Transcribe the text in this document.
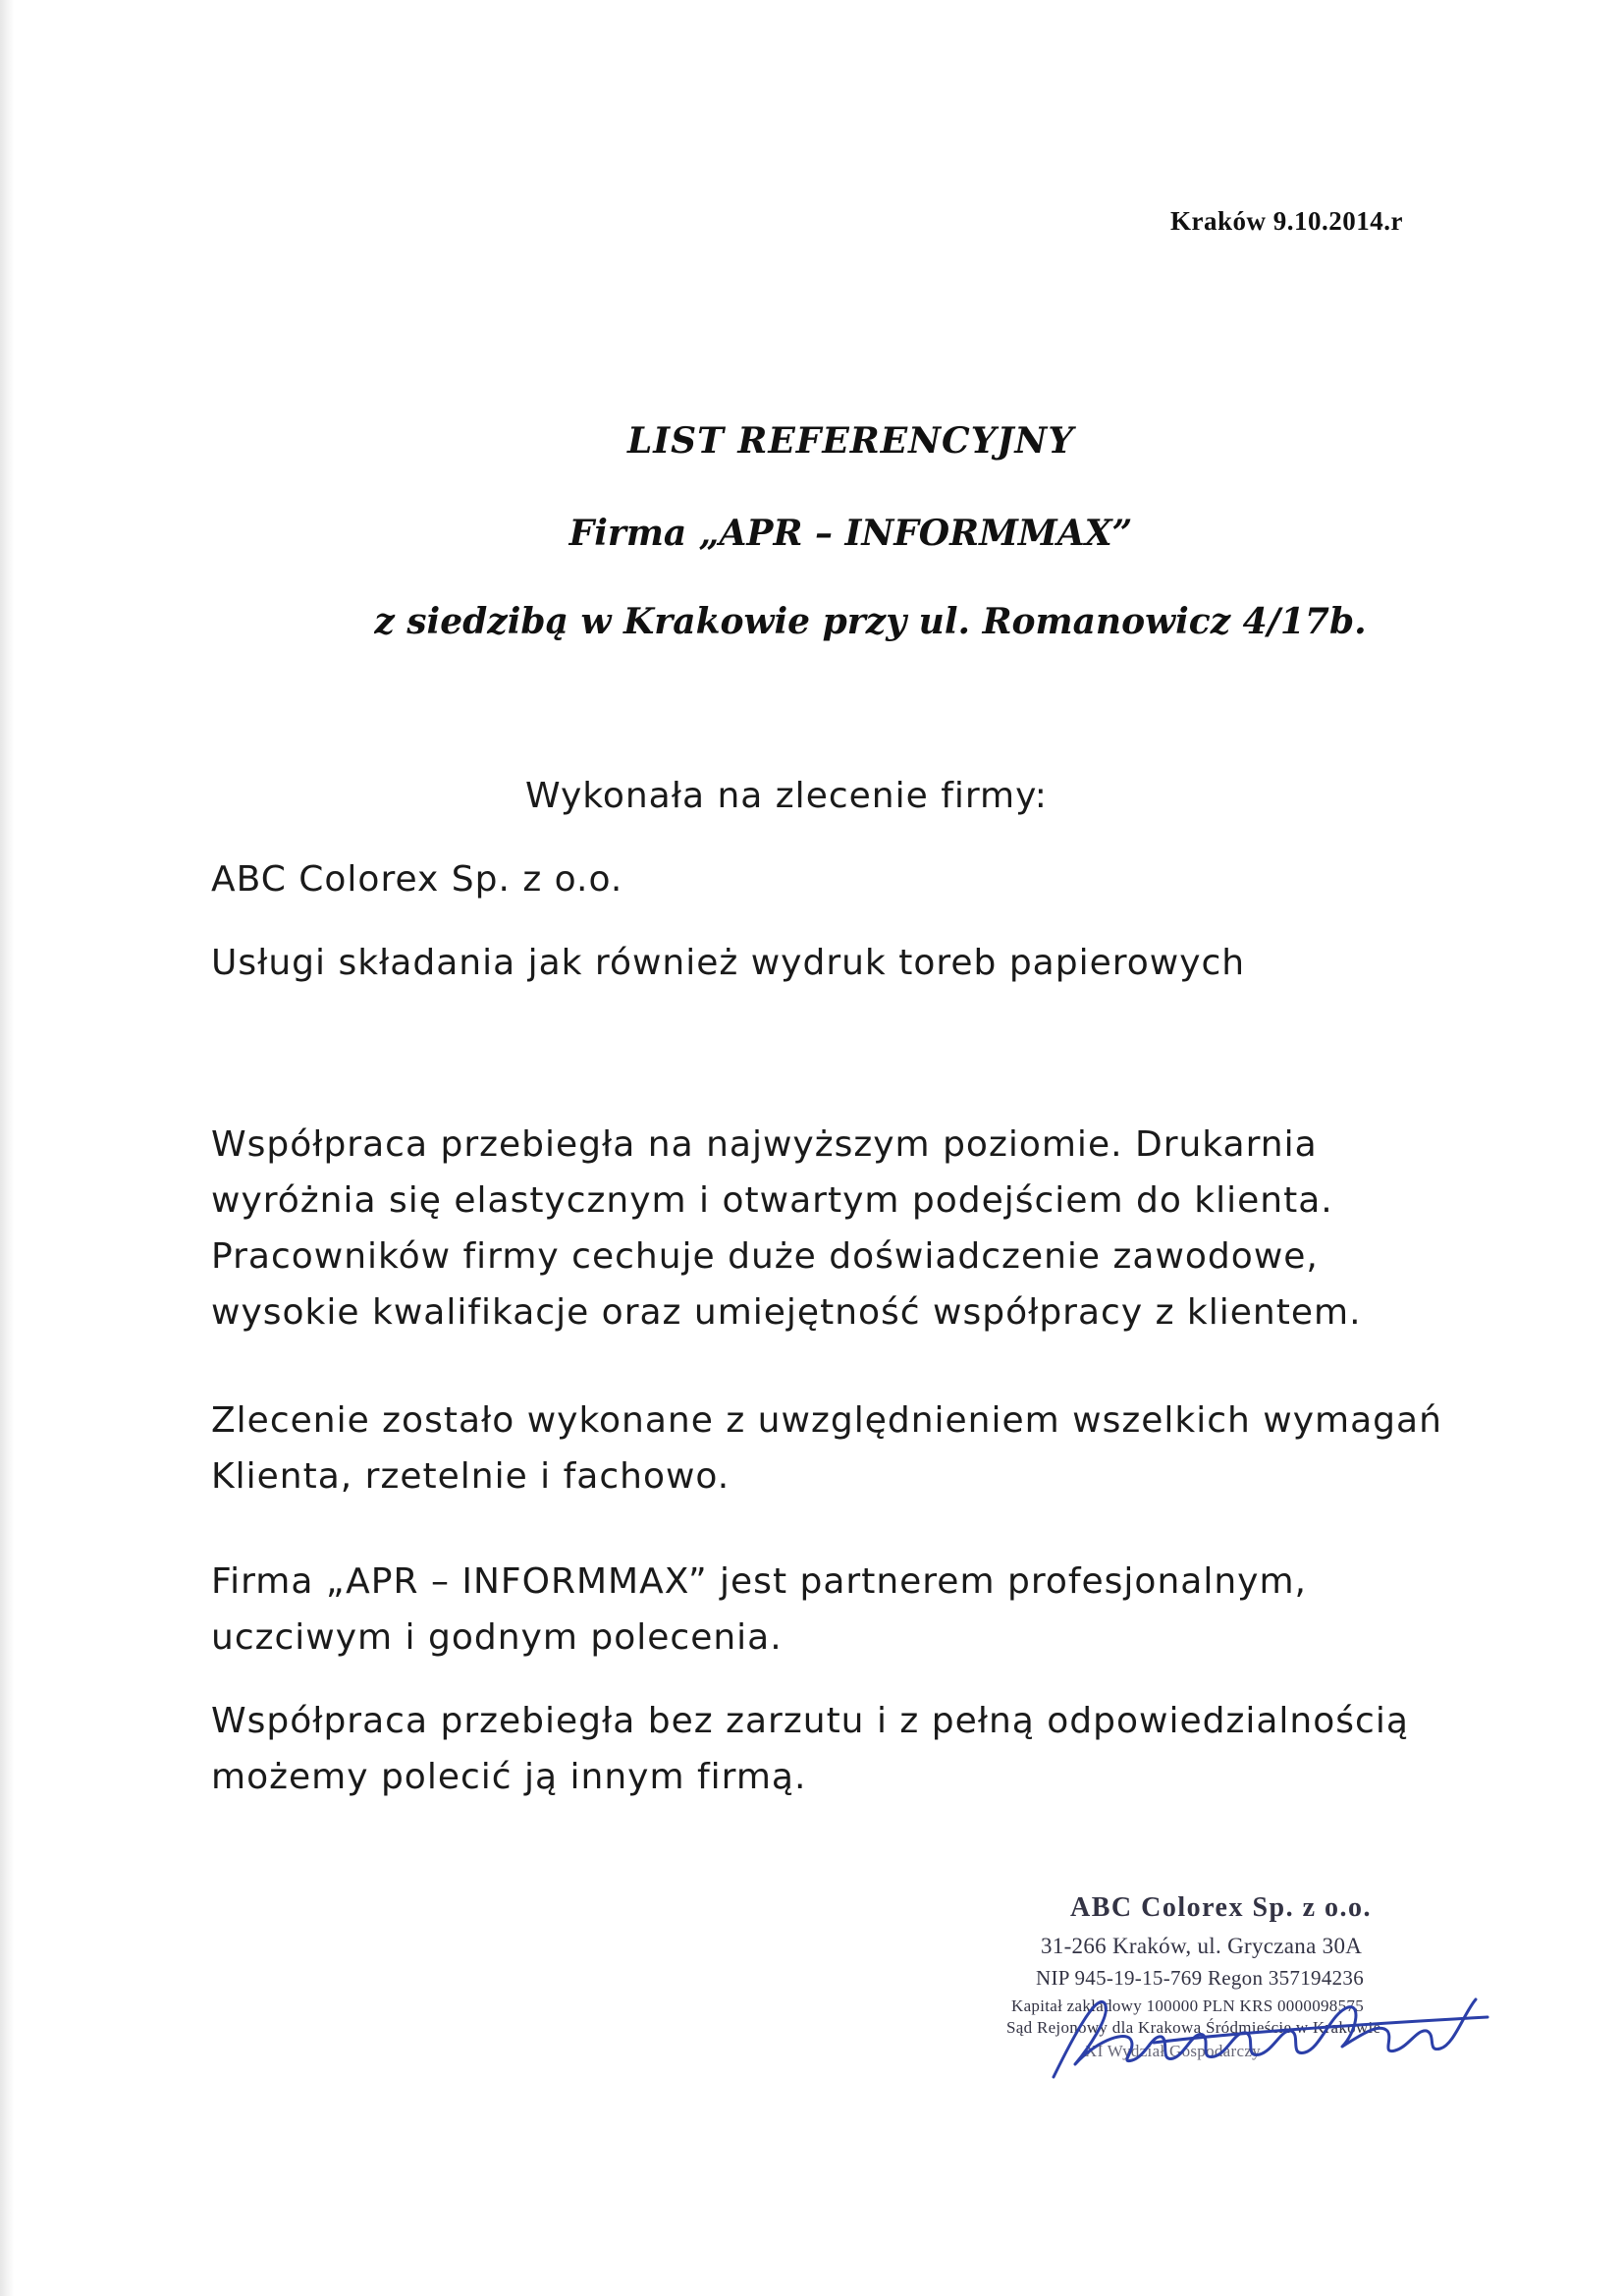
Kraków 9.10.2014.r
LIST REFERENCYJNY
Firma „APR – INFORMMAX”
z siedzibą w Krakowie przy ul. Romanowicz 4/17b.
Wykonała na zlecenie firmy:
ABC Colorex Sp. z o.o.
Usługi składania jak również wydruk toreb papierowych
Współpraca przebiegła na najwyższym poziomie. Drukarnia
wyróżnia się elastycznym i otwartym podejściem do klienta.
Pracowników firmy cechuje duże doświadczenie zawodowe,
wysokie kwalifikacje oraz umiejętność współpracy z klientem.
Zlecenie zostało wykonane z uwzględnieniem wszelkich wymagań
Klienta, rzetelnie i fachowo.
Firma „APR – INFORMMAX” jest partnerem profesjonalnym,
uczciwym i godnym polecenia.
Współpraca przebiegła bez zarzutu i z pełną odpowiedzialnością
możemy polecić ją innym firmą.
ABC Colorex Sp. z o.o.
31-266 Kraków, ul. Gryczana 30A
NIP 945-19-15-769 Regon 357194236
Kapitał zakładowy 100000 PLN KRS 0000098575
Sąd Rejonowy dla Krakowa Śródmieście w Krakowie
XI Wydział Gospodarczy
